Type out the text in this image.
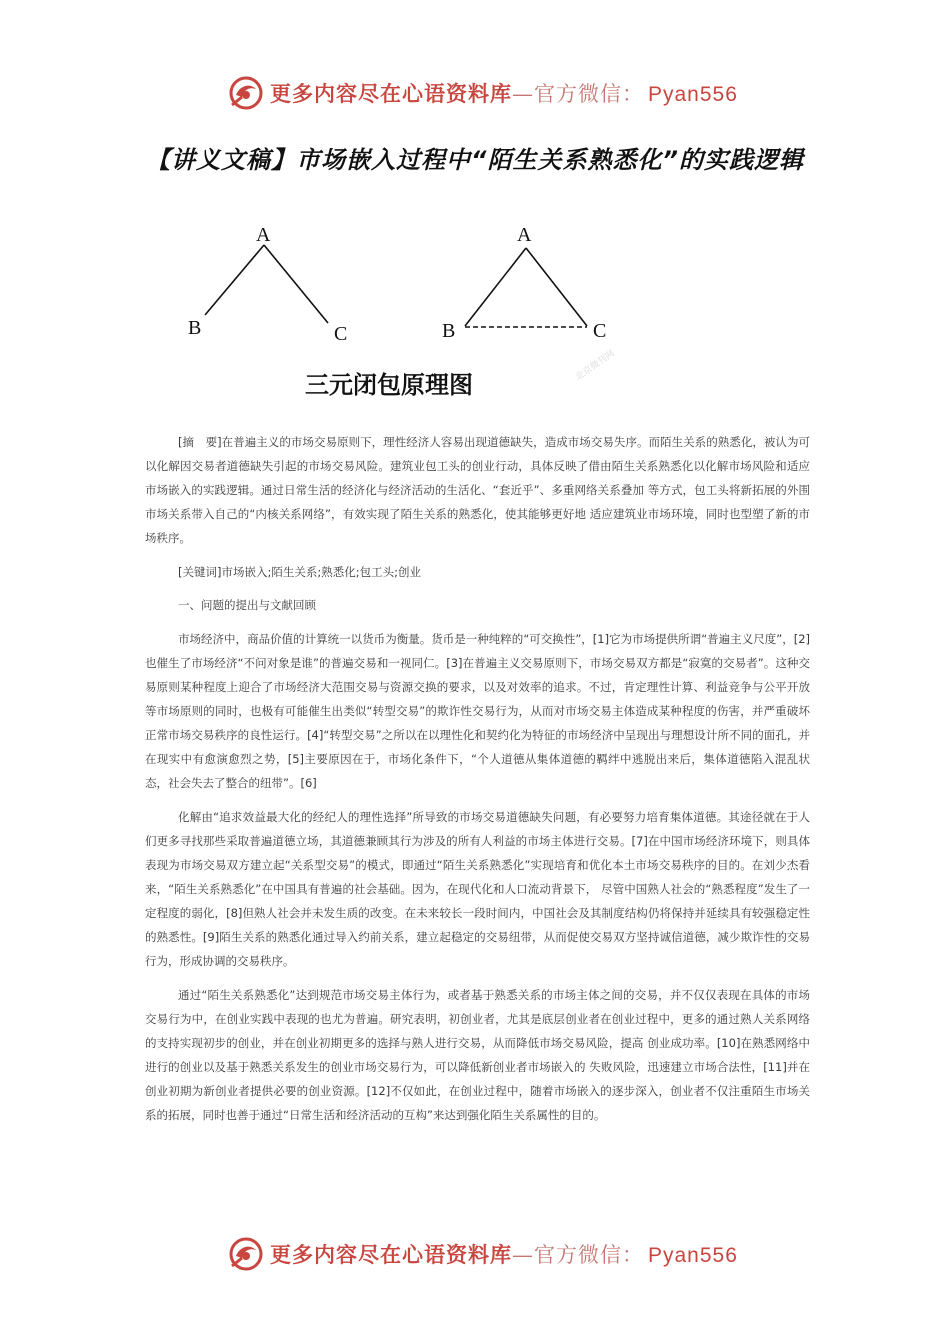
更多内容尽在心语资料库—官方微信： Pyan556
【讲义文稿】市场嵌入过程中“陌生关系熟悉化”的实践逻辑
A
B	C
A
B	C
三元闭包原理图
北京微刊网

[摘　要]在普遍主义的市场交易原则下，理性经济人容易出现道德缺失，造成市场交易失序。而陌生关系的熟悉化，被认为可以化解因交易者道德缺失引起的市场交易风险。建筑业包工头的创业行动，具体反映了借由陌生关系熟悉化以化解市场风险和适应市场嵌入的实践逻辑。通过日常生活的经济化与经济活动的生活化、“套近乎”、多重网络关系叠加 等方式，包工头将新拓展的外围市场关系带入自己的“内核关系网络”，有效实现了陌生关系的熟悉化，使其能够更好地 适应建筑业市场环境，同时也型塑了新的市场秩序。

[关键词]市场嵌入;陌生关系;熟悉化;包工头;创业

一、问题的提出与文献回顾

市场经济中，商品价值的计算统一以货币为衡量。货币是一种纯粹的“可交换性”，[1]它为市场提供所谓“普遍主义尺度”，[2]也催生了市场经济“不问对象是谁”的普遍交易和一视同仁。[3]在普遍主义交易原则下，市场交易双方都是“寂寞的交易者”。这种交易原则某种程度上迎合了市场经济大范围交易与资源交换的要求，以及对效率的追求。不过，肯定理性计算、利益竞争与公平开放等市场原则的同时，也极有可能催生出类似“转型交易”的欺诈性交易行为，从而对市场交易主体造成某种程度的伤害，并严重破坏正常市场交易秩序的良性运行。[4]“转型交易”之所以在以理性化和契约化为特征的市场经济中呈现出与理想设计所不同的面孔，并在现实中有愈演愈烈之势，[5]主要原因在于，市场化条件下，“个人道德从集体道德的羁绊中逃脱出来后，集体道德陷入混乱状态，社会失去了整合的纽带”。[6]

化解由“追求效益最大化的经纪人的理性选择”所导致的市场交易道德缺失问题，有必要努力培育集体道德。其途径就在于人们更多寻找那些采取普遍道德立场，其道德兼顾其行为涉及的所有人利益的市场主体进行交易。[7]在中国市场经济环境下，则具体表现为市场交易双方建立起“关系型交易”的模式，即通过“陌生关系熟悉化”实现培育和优化本土市场交易秩序的目的。在刘少杰看来，“陌生关系熟悉化”在中国具有普遍的社会基础。因为，在现代化和人口流动背景下， 尽管中国熟人社会的“熟悉程度”发生了一定程度的弱化，[8]但熟人社会并未发生质的改变。在未来较长一段时间内，中国社会及其制度结构仍将保持并延续具有较强稳定性的熟悉性。[9]陌生关系的熟悉化通过导入约前关系，建立起稳定的交易纽带，从而促使交易双方坚持诚信道德，减少欺诈性的交易行为，形成协调的交易秩序。

通过“陌生关系熟悉化”达到规范市场交易主体行为，或者基于熟悉关系的市场主体之间的交易，并不仅仅表现在具体的市场交易行为中，在创业实践中表现的也尤为普遍。研究表明，初创业者，尤其是底层创业者在创业过程中，更多的通过熟人关系网络的支持实现初步的创业，并在创业初期更多的选择与熟人进行交易，从而降低市场交易风险，提高 创业成功率。[10]在熟悉网络中进行的创业以及基于熟悉关系发生的创业市场交易行为，可以降低新创业者市场嵌入的 失败风险，迅速建立市场合法性，[11]并在创业初期为新创业者提供必要的创业资源。[12]不仅如此，在创业过程中，随着市场嵌入的逐步深入，创业者不仅注重陌生市场关系的拓展，同时也善于通过“日常生活和经济活动的互构”来达到强化陌生关系属性的目的。

更多内容尽在心语资料库—官方微信： Pyan556
